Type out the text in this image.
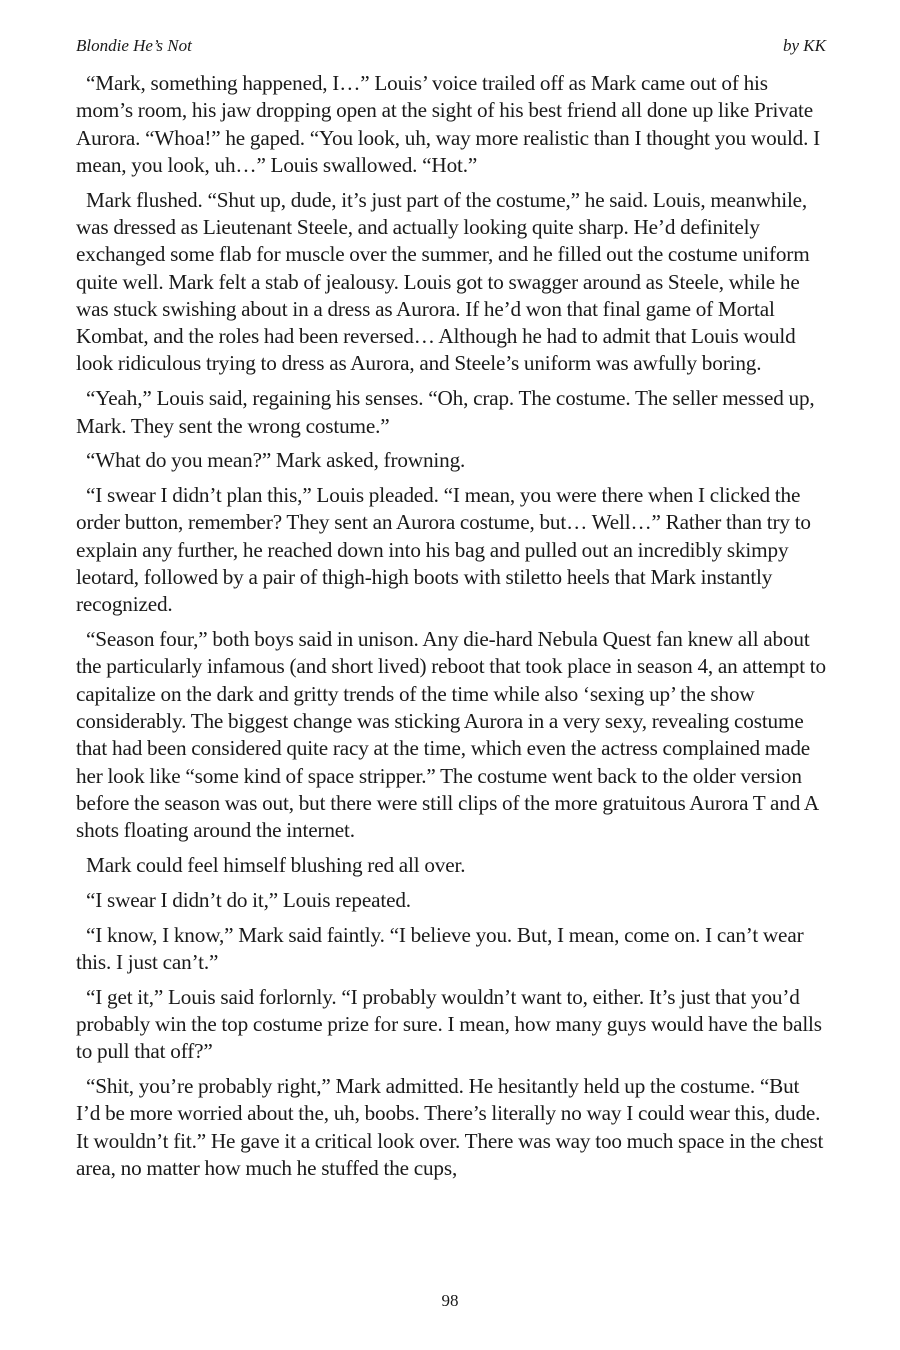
Blondie He’s Not	by KK

“Mark, something happened, I…” Louis’ voice trailed off as Mark came out of his mom’s room, his jaw dropping open at the sight of his best friend all done up like Private Aurora. “Whoa!” he gaped. “You look, uh, way more realistic than I thought you would. I mean, you look, uh…” Louis swallowed. “Hot.”

Mark flushed. “Shut up, dude, it’s just part of the costume,” he said. Louis, meanwhile, was dressed as Lieutenant Steele, and actually looking quite sharp. He’d definitely exchanged some flab for muscle over the summer, and he filled out the costume uniform quite well. Mark felt a stab of jealousy. Louis got to swagger around as Steele, while he was stuck swishing about in a dress as Aurora. If he’d won that final game of Mortal Kombat, and the roles had been reversed… Although he had to admit that Louis would look ridiculous trying to dress as Aurora, and Steele’s uniform was awfully boring.

“Yeah,” Louis said, regaining his senses. “Oh, crap. The costume. The seller messed up, Mark. They sent the wrong costume.”

“What do you mean?” Mark asked, frowning.

“I swear I didn’t plan this,” Louis pleaded. “I mean, you were there when I clicked the order button, remember? They sent an Aurora costume, but… Well…” Rather than try to explain any further, he reached down into his bag and pulled out an incredibly skimpy leotard, followed by a pair of thigh-high boots with stiletto heels that Mark instantly recognized.

“Season four,” both boys said in unison. Any die-hard Nebula Quest fan knew all about the particularly infamous (and short lived) reboot that took place in season 4, an attempt to capitalize on the dark and gritty trends of the time while also ‘sexing up’ the show considerably. The biggest change was sticking Aurora in a very sexy, revealing costume that had been considered quite racy at the time, which even the actress complained made her look like “some kind of space stripper.” The costume went back to the older version before the season was out, but there were still clips of the more gratuitous Aurora T and A shots floating around the internet.

Mark could feel himself blushing red all over.

“I swear I didn’t do it,” Louis repeated.

“I know, I know,” Mark said faintly. “I believe you. But, I mean, come on. I can’t wear this. I just can’t.”

“I get it,” Louis said forlornly. “I probably wouldn’t want to, either. It’s just that you’d probably win the top costume prize for sure. I mean, how many guys would have the balls to pull that off?”

“Shit, you’re probably right,” Mark admitted. He hesitantly held up the costume. “But I’d be more worried about the, uh, boobs. There’s literally no way I could wear this, dude. It wouldn’t fit.” He gave it a critical look over. There was way too much space in the chest area, no matter how much he stuffed the cups,

98
